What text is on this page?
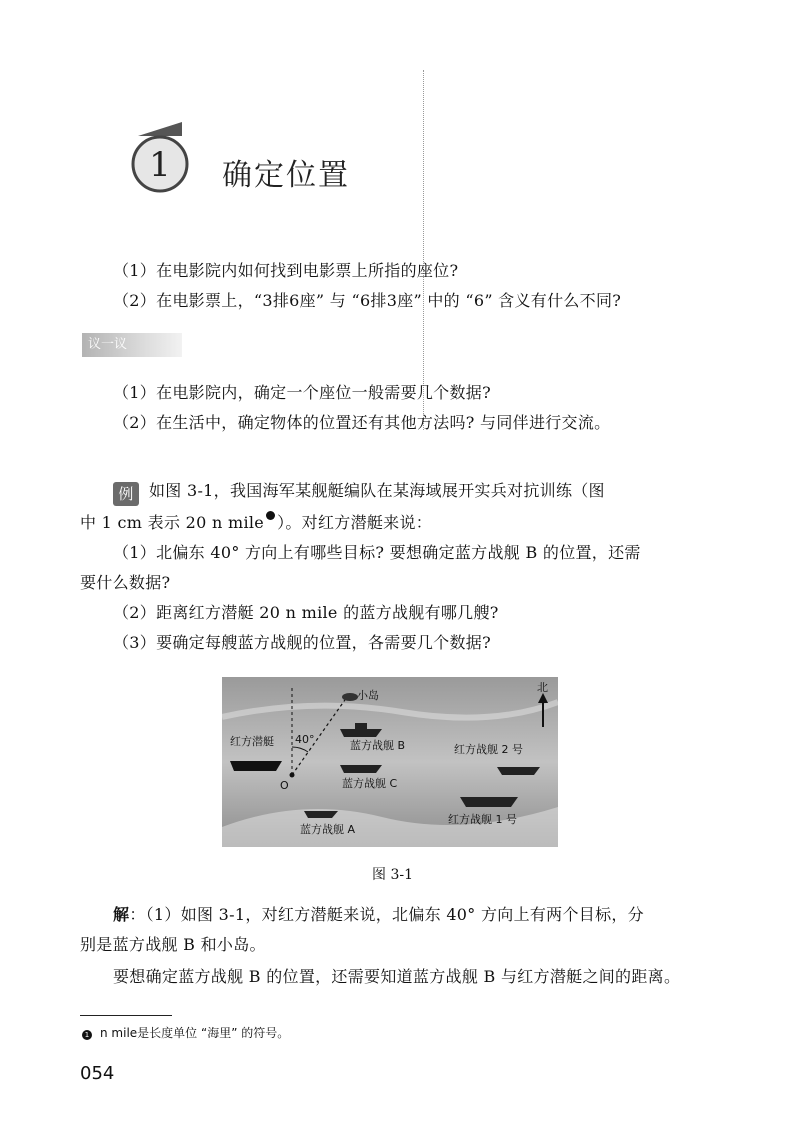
1 确定位置
（1）在电影院内如何找到电影票上所指的座位?
（2）在电影票上，“3排6座” 与 “6排3座” 中的 “6” 含义有什么不同?
议一议
（1）在电影院内，确定一个座位一般需要几个数据?
（2）在生活中，确定物体的位置还有其他方法吗? 与同伴进行交流。
例 如图 3-1，我国海军某舰艇编队在某海域展开实兵对抗训练（图
中 1 cm 表示 20 n mile ）。对红方潜艇来说：
（1）北偏东 40° 方向上有哪些目标? 要想确定蓝方战舰 B 的位置，还需
要什么数据?
（2）距离红方潜艇 20 n mile 的蓝方战舰有哪几艘?
（3）要确定每艘蓝方战舰的位置，各需要几个数据?
北
40°
小岛
蓝方战舰 B
红方潜艇
O
红方战舰 2 号
蓝方战舰 C
蓝方战舰 A
红方战舰 1 号
图 3-1
解：（1）如图 3-1，对红方潜艇来说，北偏东 40° 方向上有两个目标，分
别是蓝方战舰 B 和小岛。
要想确定蓝方战舰 B 的位置，还需要知道蓝方战舰 B 与红方潜艇之间的距离。
1 n mile是长度单位 “海里” 的符号。
054
